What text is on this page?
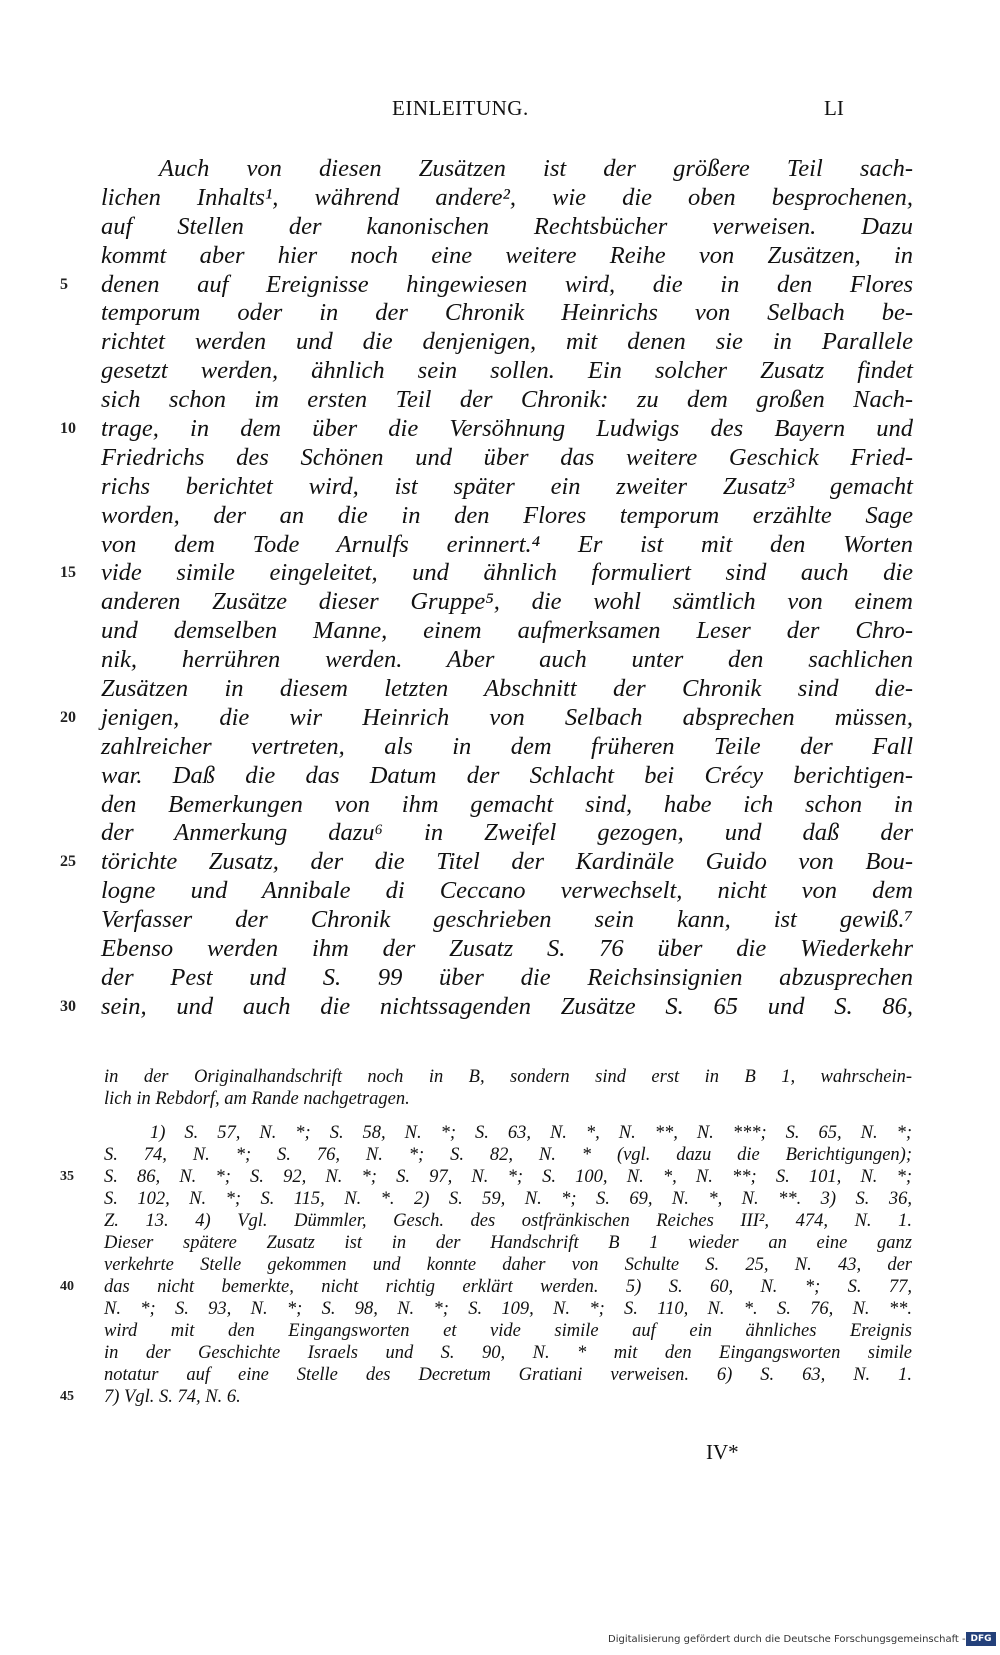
EINLEITUNG.	LI
Auch von diesen Zusätzen ist der größere Teil sach-
lichen Inhalts¹, während andere², wie die oben besprochenen,
auf Stellen der kanonischen Rechtsbücher verweisen. Dazu
kommt aber hier noch eine weitere Reihe von Zusätzen, in
5	denen auf Ereignisse hingewiesen wird, die in den Flores
temporum oder in der Chronik Heinrichs von Selbach be-
richtet werden und die denjenigen, mit denen sie in Parallele
gesetzt werden, ähnlich sein sollen. Ein solcher Zusatz findet
sich schon im ersten Teil der Chronik: zu dem großen Nach-
10	trage, in dem über die Versöhnung Ludwigs des Bayern und
Friedrichs des Schönen und über das weitere Geschick Fried-
richs berichtet wird, ist später ein zweiter Zusatz³ gemacht
worden, der an die in den Flores temporum erzählte Sage
von dem Tode Arnulfs erinnert.⁴ Er ist mit den Worten
15	vide simile eingeleitet, und ähnlich formuliert sind auch die
anderen Zusätze dieser Gruppe⁵, die wohl sämtlich von einem
und demselben Manne, einem aufmerksamen Leser der Chro-
nik, herrühren werden. Aber auch unter den sachlichen
Zusätzen in diesem letzten Abschnitt der Chronik sind die-
20	jenigen, die wir Heinrich von Selbach absprechen müssen,
zahlreicher vertreten, als in dem früheren Teile der Fall
war. Daß die das Datum der Schlacht bei Crécy berichtigen-
den Bemerkungen von ihm gemacht sind, habe ich schon in
der Anmerkung dazu⁶ in Zweifel gezogen, und daß der
25	törichte Zusatz, der die Titel der Kardinäle Guido von Bou-
logne und Annibale di Ceccano verwechselt, nicht von dem
Verfasser der Chronik geschrieben sein kann, ist gewiß.⁷
Ebenso werden ihm der Zusatz S. 76 über die Wiederkehr
der Pest und S. 99 über die Reichsinsignien abzusprechen
30	sein, und auch die nichtssagenden Zusätze S. 65 und S. 86,
in der Originalhandschrift noch in B, sondern sind erst in B 1, wahrschein-
lich in Rebdorf, am Rande nachgetragen.
1) S. 57, N. *; S. 58, N. *; S. 63, N. *, N. **, N. ***; S. 65, N. *;
S. 74, N. *; S. 76, N. *; S. 82, N. * (vgl. dazu die Berichtigungen);
35	S. 86, N. *; S. 92, N. *; S. 97, N. *; S. 100, N. *, N. **; S. 101, N. *;
S. 102, N. *; S. 115, N. *. 2) S. 59, N. *; S. 69, N. *, N. **. 3) S. 36,
Z. 13. 4) Vgl. Dümmler, Gesch. des ostfränkischen Reiches III², 474, N. 1.
Dieser spätere Zusatz ist in der Handschrift B 1 wieder an eine ganz
verkehrte Stelle gekommen und konnte daher von Schulte S. 25, N. 43, der
40	das nicht bemerkte, nicht richtig erklärt werden. 5) S. 60, N. *; S. 77,
N. *; S. 93, N. *; S. 98, N. *; S. 109, N. *; S. 110, N. *. S. 76, N. **.
wird mit den Eingangsworten et vide simile auf ein ähnliches Ereignis
in der Geschichte Israels und S. 90, N. * mit den Eingangsworten simile
notatur auf eine Stelle des Decretum Gratiani verweisen. 6) S. 63, N. 1.
45	7) Vgl. S. 74, N. 6.
IV*
Digitalisierung gefördert durch die Deutsche Forschungsgemeinschaft - DFG
